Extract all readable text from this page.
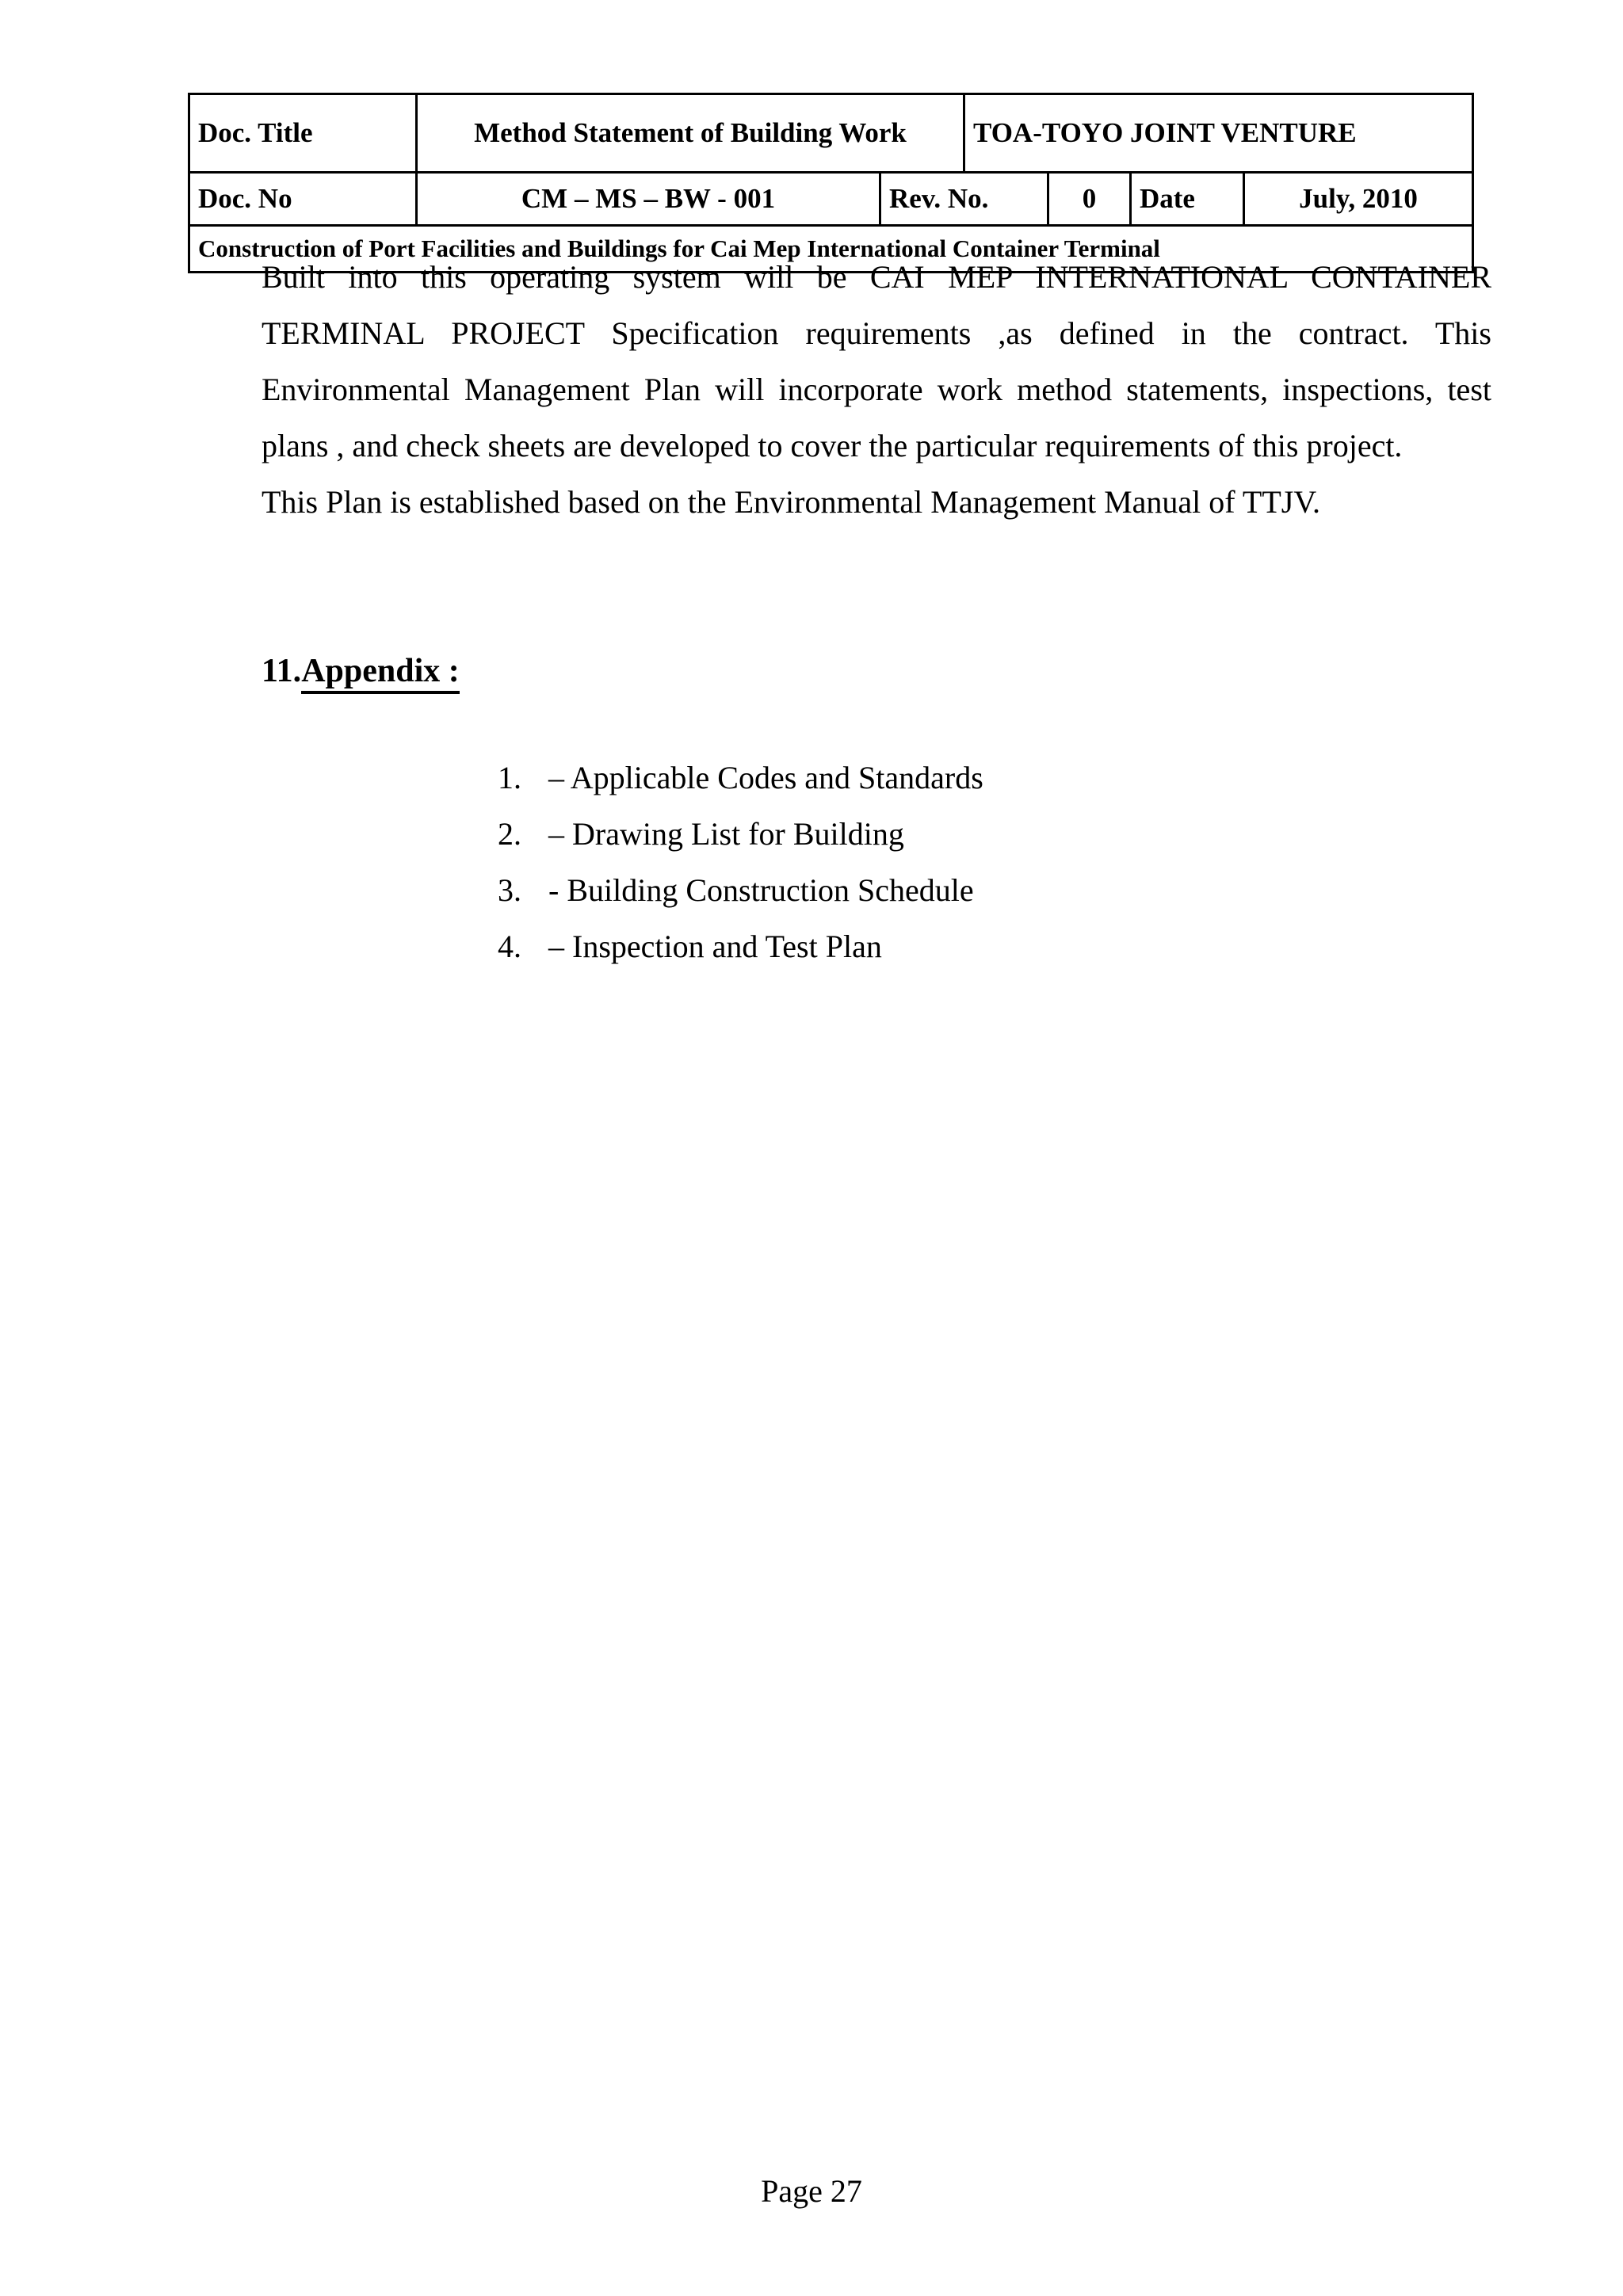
Doc. Title	Method Statement of Building Work		TOA-TOYO JOINT VENTURE			
Doc. No	CM – MS – BW - 001	Rev. No.		0	Date	July, 2010
Construction of Port Facilities and Buildings for Cai Mep International Container Terminal						

Built into this operating system will be CAI MEP INTERNATIONAL CONTAINER TERMINAL PROJECT Specification requirements ,as defined in the contract. This Environmental Management Plan will incorporate work method statements, inspections, test plans , and check sheets are developed to cover the particular requirements of this project.

This Plan is established based on the Environmental Management Manual of TTJV.

11.Appendix :
1. – Applicable Codes and Standards
2. – Drawing List for Building
3. - Building Construction Schedule
4. – Inspection and Test Plan
Page 27
